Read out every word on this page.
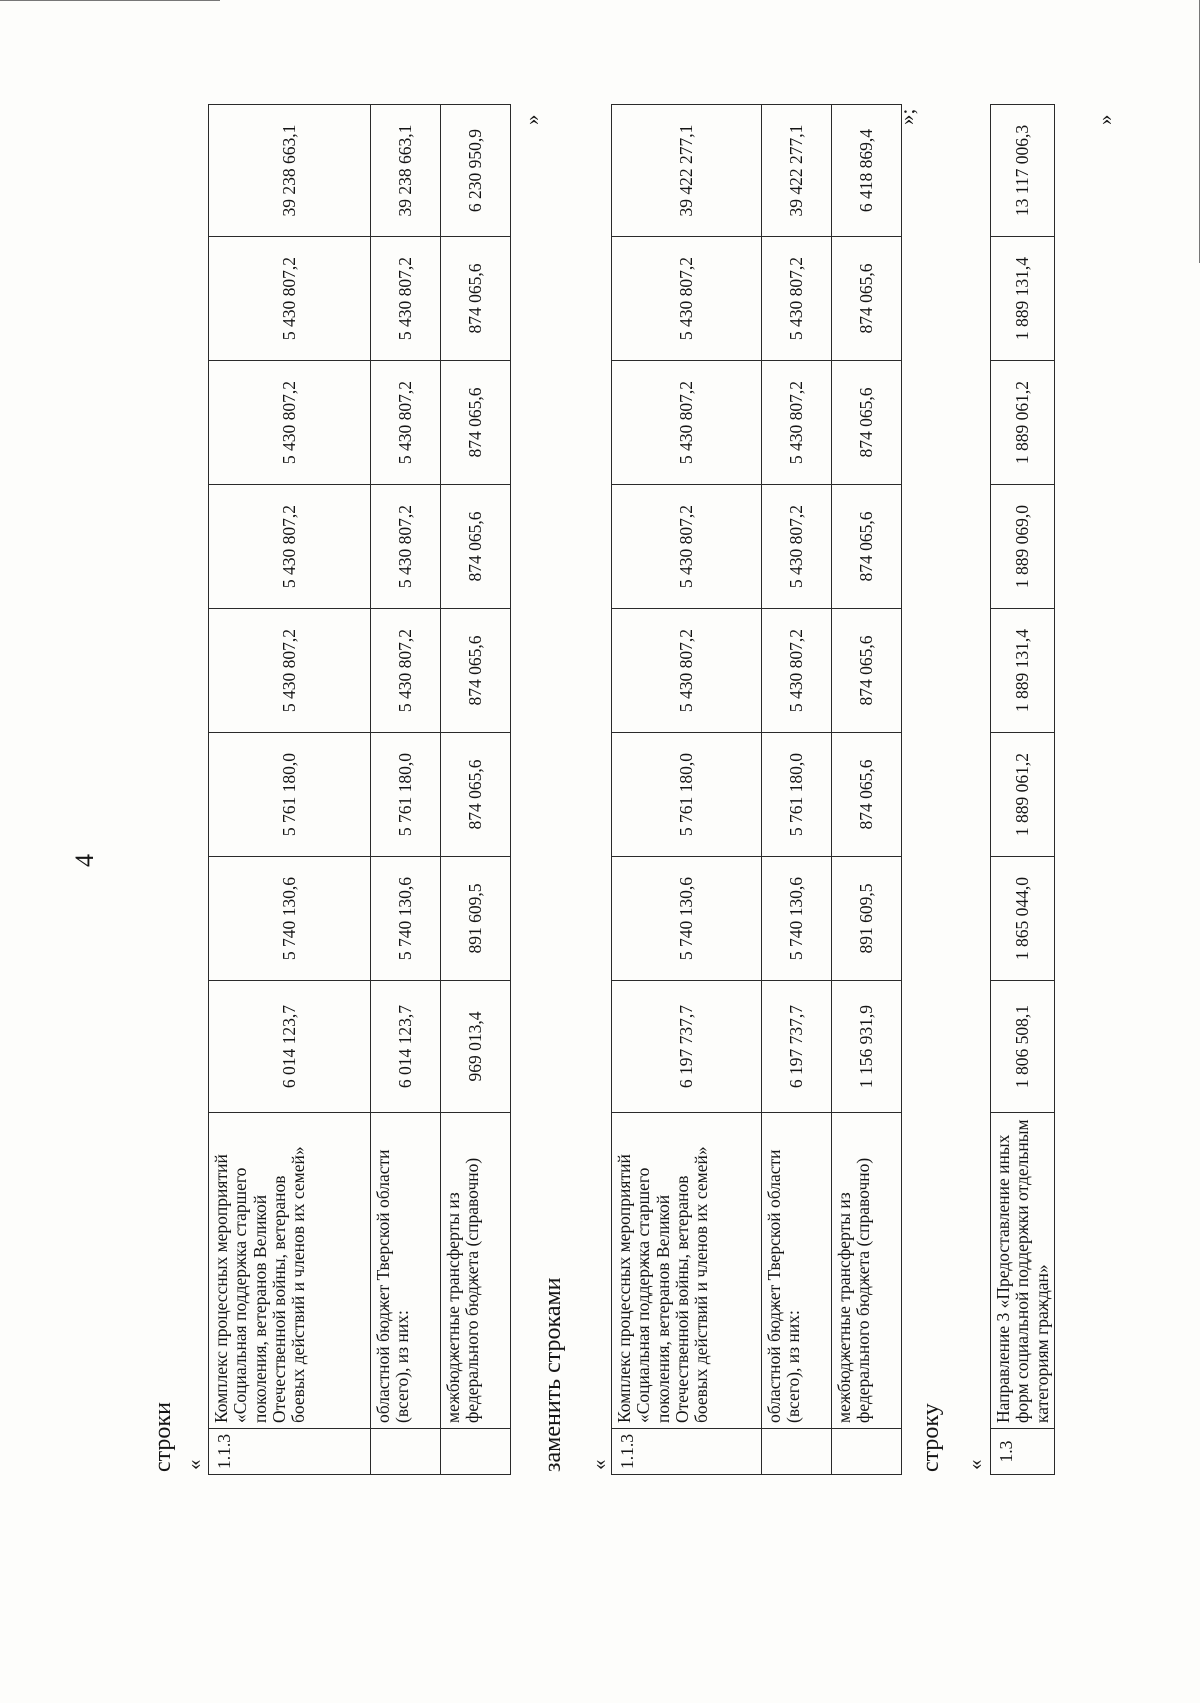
4
строки « 1.1.3	Комплекс процессных мероприятий «Социальная поддержка старшего поколения, ветеранов Великой Отечественной войны, ветеранов боевых действий и членов их семей»	6 014 123,7	5 740 130,6	5 761 180,0	5 430 807,2	5 430 807,2	5 430 807,2	5 430 807,2	39 238 663,1
	областной бюджет Тверской области (всего), из них:	6 014 123,7	5 740 130,6	5 761 180,0	5 430 807,2	5 430 807,2	5 430 807,2	5 430 807,2	39 238 663,1
	межбюджетные трансферты из федерального бюджета (справочно)	969 013,4	891 609,5	874 065,6	874 065,6	874 065,6	874 065,6	874 065,6	6 230 950,9
»
заменить строками « 1.1.3	Комплекс процессных мероприятий «Социальная поддержка старшего поколения, ветеранов Великой Отечественной войны, ветеранов боевых действий и членов их семей»	6 197 737,7	5 740 130,6	5 761 180,0	5 430 807,2	5 430 807,2	5 430 807,2	5 430 807,2	39 422 277,1
	областной бюджет Тверской области (всего), из них:	6 197 737,7	5 740 130,6	5 761 180,0	5 430 807,2	5 430 807,2	5 430 807,2	5 430 807,2	39 422 277,1
	межбюджетные трансферты из федерального бюджета (справочно)	1 156 931,9	891 609,5	874 065,6	874 065,6	874 065,6	874 065,6	874 065,6	6 418 869,4
»;
строку «
1.3	Направление 3 «Предоставление иных форм социальной поддержки отдельным категориям граждан»	1 806 508,1	1 865 044,0	1 889 061,2	1 889 131,4	1 889 069,0	1 889 061,2	1 889 131,4	13 117 006,3
»
